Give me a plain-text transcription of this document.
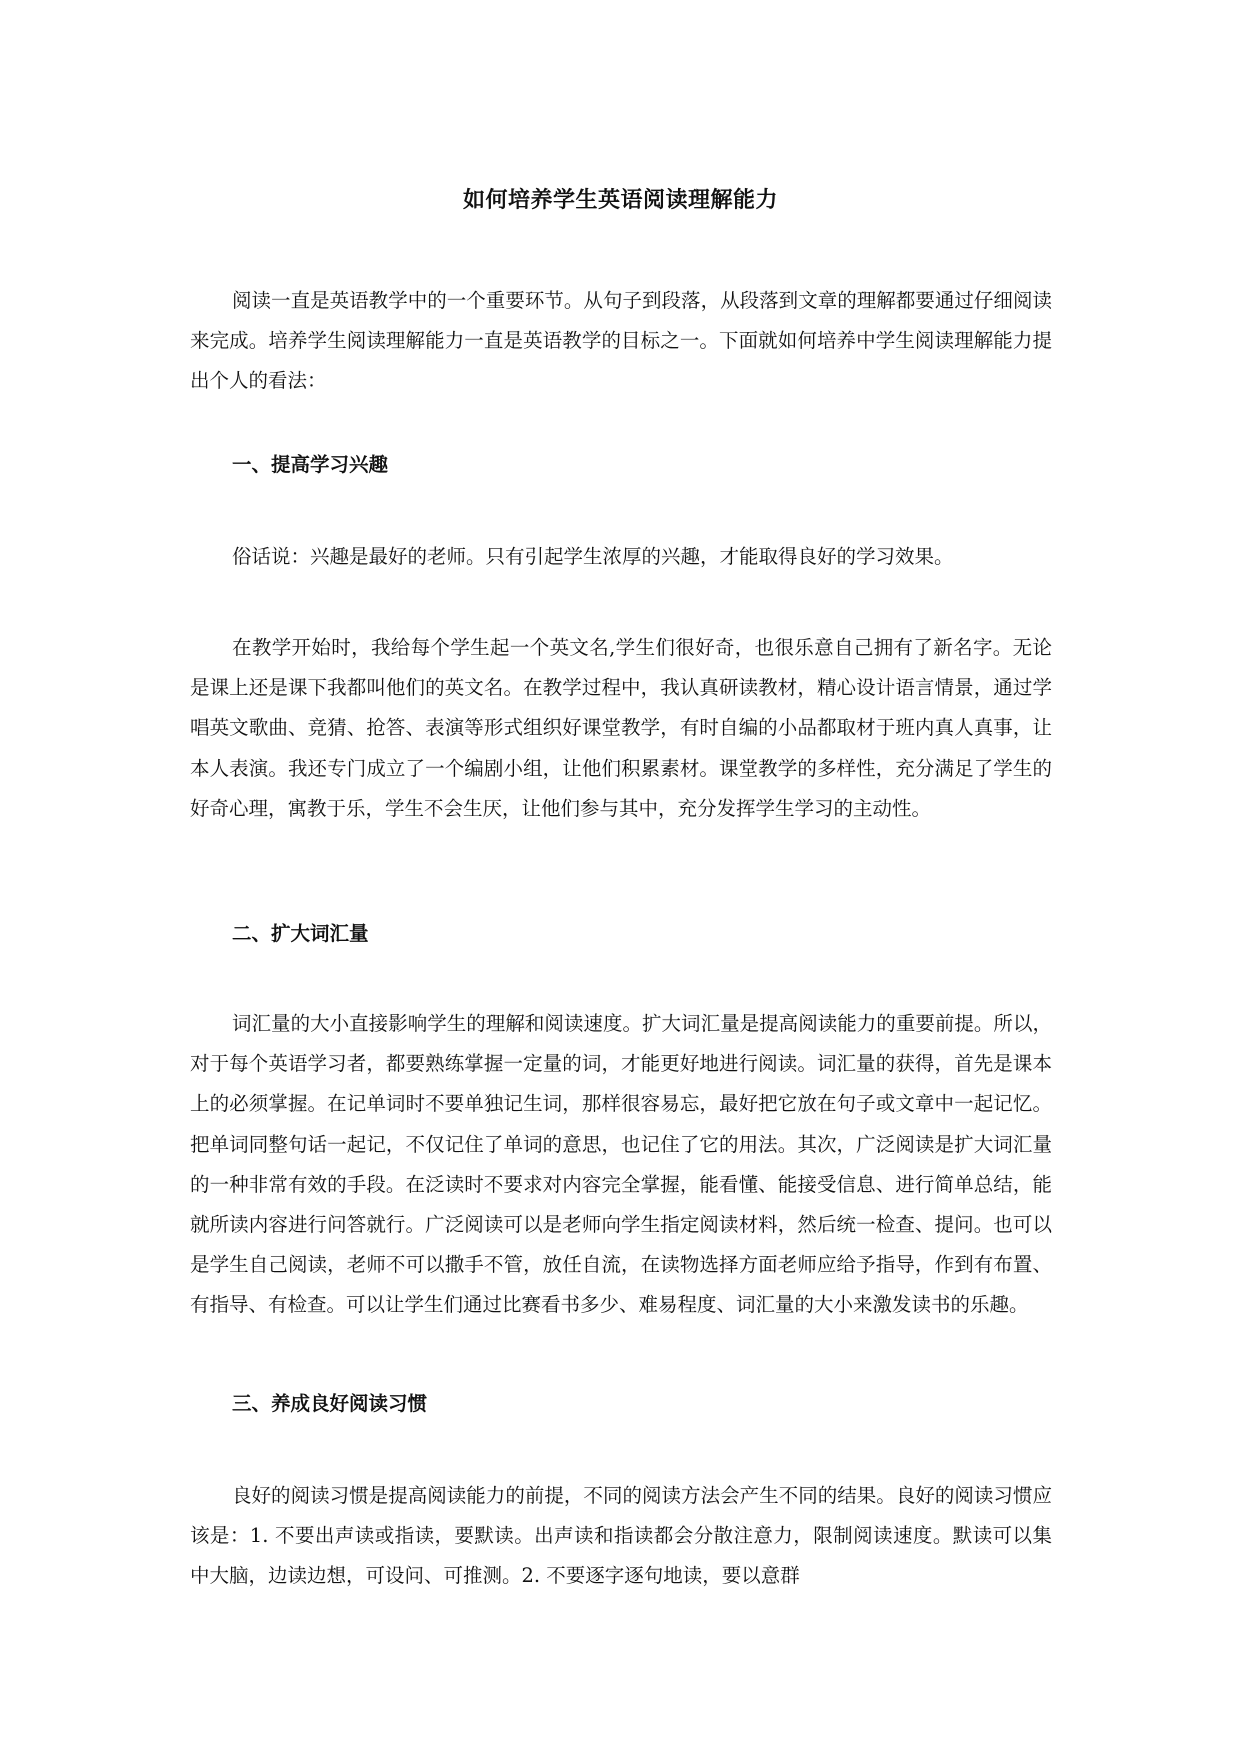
如何培养学生英语阅读理解能力

阅读一直是英语教学中的一个重要环节。从句子到段落，从段落到文章的理解都要通过仔细阅读来完成。培养学生阅读理解能力一直是英语教学的目标之一。下面就如何培养中学生阅读理解能力提出个人的看法：

一、提高学习兴趣

俗话说：兴趣是最好的老师。只有引起学生浓厚的兴趣，才能取得良好的学习效果。

在教学开始时，我给每个学生起一个英文名,学生们很好奇，也很乐意自己拥有了新名字。无论是课上还是课下我都叫他们的英文名。在教学过程中，我认真研读教材，精心设计语言情景，通过学唱英文歌曲、竞猜、抢答、表演等形式组织好课堂教学，有时自编的小品都取材于班内真人真事，让本人表演。我还专门成立了一个编剧小组，让他们积累素材。课堂教学的多样性，充分满足了学生的好奇心理，寓教于乐，学生不会生厌，让他们参与其中，充分发挥学生学习的主动性。

二、扩大词汇量

词汇量的大小直接影响学生的理解和阅读速度。扩大词汇量是提高阅读能力的重要前提。所以，对于每个英语学习者，都要熟练掌握一定量的词，才能更好地进行阅读。词汇量的获得，首先是课本上的必须掌握。在记单词时不要单独记生词，那样很容易忘，最好把它放在句子或文章中一起记忆。把单词同整句话一起记，不仅记住了单词的意思，也记住了它的用法。其次，广泛阅读是扩大词汇量的一种非常有效的手段。在泛读时不要求对内容完全掌握，能看懂、能接受信息、进行简单总结，能就所读内容进行问答就行。广泛阅读可以是老师向学生指定阅读材料，然后统一检查、提问。也可以是学生自己阅读，老师不可以撒手不管，放任自流，在读物选择方面老师应给予指导，作到有布置、有指导、有检查。可以让学生们通过比赛看书多少、难易程度、词汇量的大小来激发读书的乐趣。

三、养成良好阅读习惯

良好的阅读习惯是提高阅读能力的前提，不同的阅读方法会产生不同的结果。良好的阅读习惯应该是：1. 不要出声读或指读，要默读。出声读和指读都会分散注意力，限制阅读速度。默读可以集中大脑，边读边想，可设问、可推测。2. 不要逐字逐句地读，要以意群
